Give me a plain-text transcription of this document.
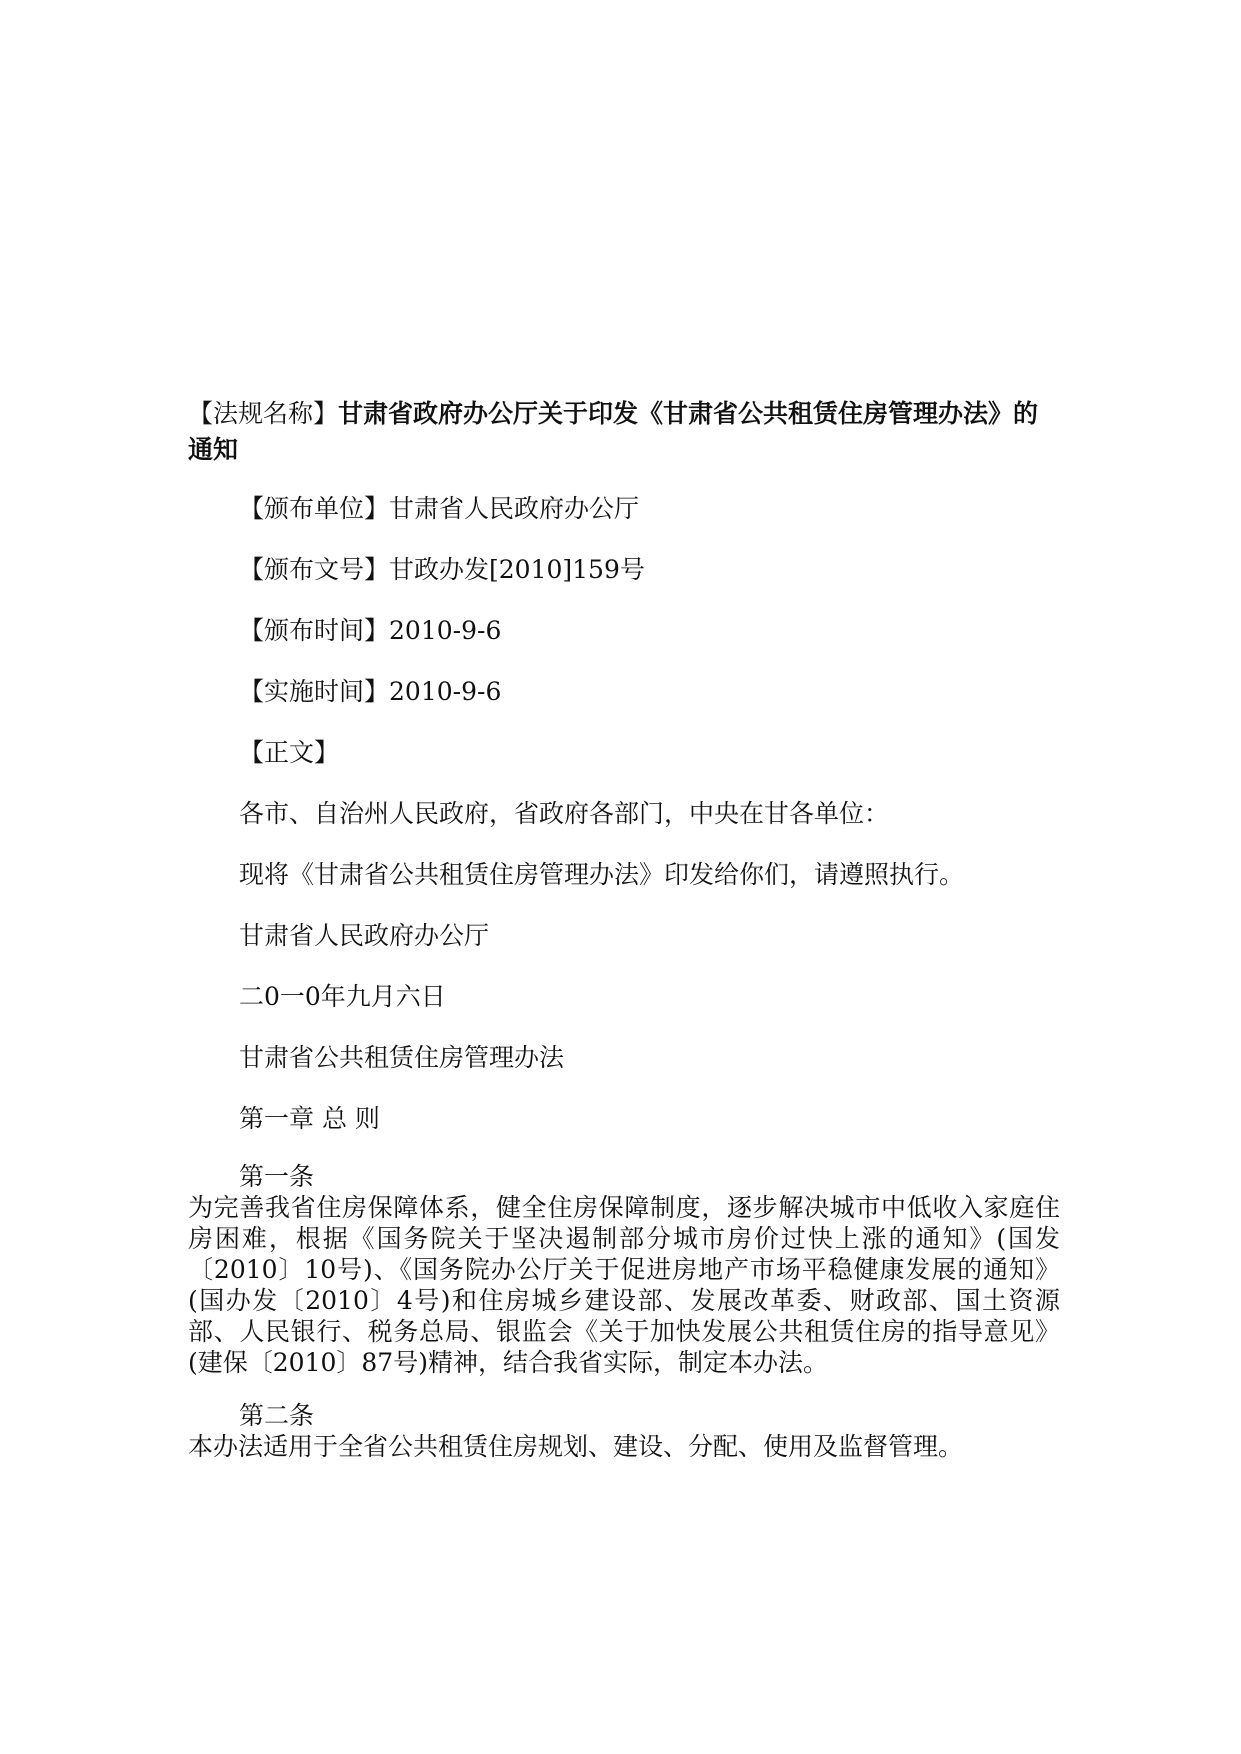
【法规名称】甘肃省政府办公厅关于印发《甘肃省公共租赁住房管理办法》的通知
【颁布单位】甘肃省人民政府办公厅
【颁布文号】甘政办发[2010]159号
【颁布时间】2010-9-6
【实施时间】2010-9-6
【正文】
各市、自治州人民政府，省政府各部门，中央在甘各单位：
现将《甘肃省公共租赁住房管理办法》印发给你们，请遵照执行。
甘肃省人民政府办公厅
二0一0年九月六日
甘肃省公共租赁住房管理办法
第一章 总 则
第一条
为完善我省住房保障体系，健全住房保障制度，逐步解决城市中低收入家庭住房困难，根据《国务院关于坚决遏制部分城市房价过快上涨的通知》(国发〔2010〕10号)、《国务院办公厅关于促进房地产市场平稳健康发展的通知》(国办发〔2010〕4号)和住房城乡建设部、发展改革委、财政部、国土资源部、人民银行、税务总局、银监会《关于加快发展公共租赁住房的指导意见》(建保〔2010〕87号)精神，结合我省实际，制定本办法。
第二条
本办法适用于全省公共租赁住房规划、建设、分配、使用及监督管理。
